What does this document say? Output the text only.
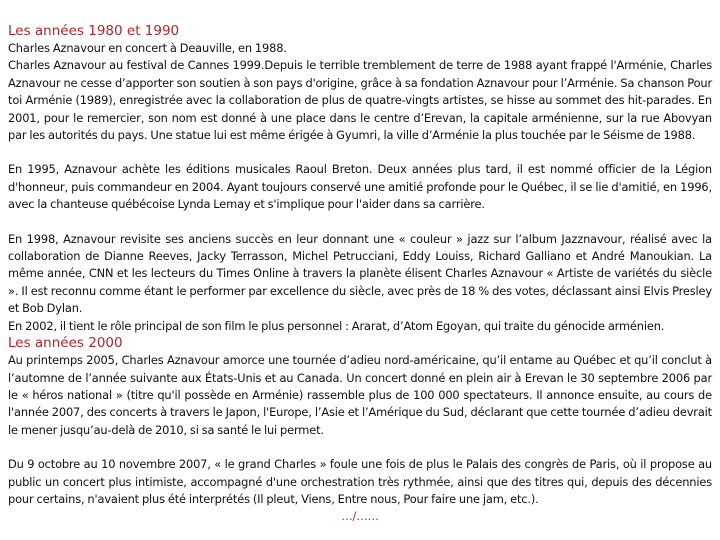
Les années 1980 et 1990

Charles Aznavour en concert à Deauville, en 1988.

Charles Aznavour au festival de Cannes 1999.Depuis le terrible tremblement de terre de 1988 ayant frappé l'Arménie, Charles Aznavour ne cesse d’apporter son soutien à son pays d'origine, grâce à sa fondation Aznavour pour l’Arménie. Sa chanson Pour toi Arménie (1989), enregistrée avec la collaboration de plus de quatre-vingts artistes, se hisse au sommet des hit-parades. En 2001, pour le remercier, son nom est donné à une place dans le centre d’Erevan, la capitale arménienne, sur la rue Abovyan par les autorités du pays. Une statue lui est même érigée à Gyumri, la ville d’Arménie la plus touchée par le Séisme de 1988.

En 1995, Aznavour achète les éditions musicales Raoul Breton. Deux années plus tard, il est nommé officier de la Légion d'honneur, puis commandeur en 2004. Ayant toujours conservé une amitié profonde pour le Québec, il se lie d'amitié, en 1996, avec la chanteuse québécoise Lynda Lemay et s'implique pour l'aider dans sa carrière.

En 1998, Aznavour revisite ses anciens succès en leur donnant une « couleur » jazz sur l’album Jazznavour, réalisé avec la collaboration de Dianne Reeves, Jacky Terrasson, Michel Petrucciani, Eddy Louiss, Richard Galliano et André Manoukian. La même année, CNN et les lecteurs du Times Online à travers la planète élisent Charles Aznavour « Artiste de variétés du siècle ». Il est reconnu comme étant le performer par excellence du siècle, avec près de 18 % des votes, déclassant ainsi Elvis Presley et Bob Dylan.

En 2002, il tient le rôle principal de son film le plus personnel : Ararat, d’Atom Egoyan, qui traite du génocide arménien.

Les années 2000

Au printemps 2005, Charles Aznavour amorce une tournée d’adieu nord-américaine, qu’il entame au Québec et qu’il conclut à l’automne de l’année suivante aux États-Unis et au Canada. Un concert donné en plein air à Erevan le 30 septembre 2006 par le « héros national » (titre qu'il possède en Arménie) rassemble plus de 100 000 spectateurs. Il annonce ensuite, au cours de l'année 2007, des concerts à travers le Japon, l'Europe, l’Asie et l’Amérique du Sud, déclarant que cette tournée d’adieu devrait le mener jusqu’au-delà de 2010, si sa santé le lui permet.

Du 9 octobre au 10 novembre 2007, « le grand Charles » foule une fois de plus le Palais des congrès de Paris, où il propose au public un concert plus intimiste, accompagné d'une orchestration très rythmée, ainsi que des titres qui, depuis des décennies pour certains, n'avaient plus été interprétés (Il pleut, Viens, Entre nous, Pour faire une jam, etc.).

…/……
